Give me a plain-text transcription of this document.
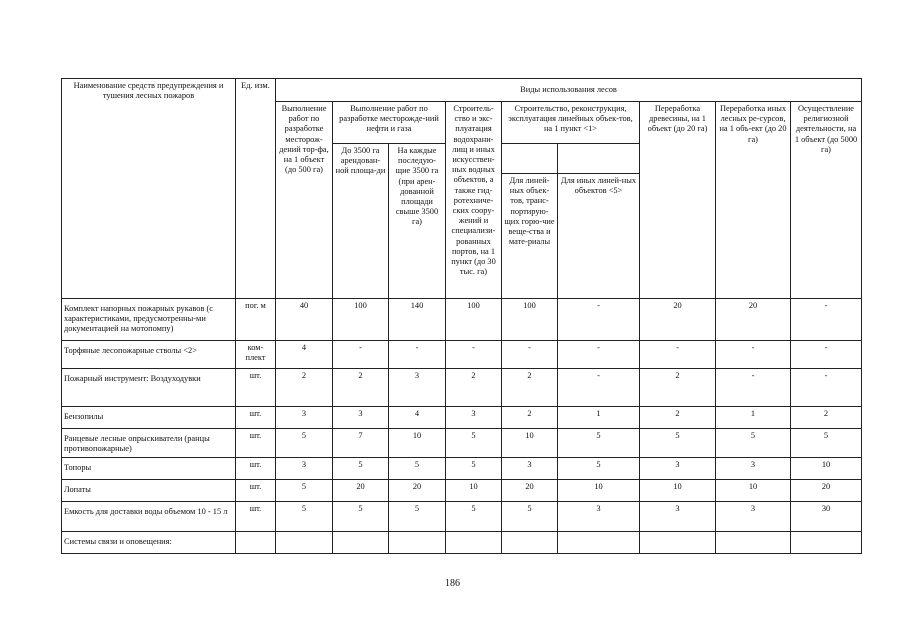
Наименование средств предупреждения и тушения лесных пожаров	Ед. изм.	Виды использования лесов								
		Выполнение работ по разработке месторож-дений тор-фа, на 1 объект (до 500 га)	Выполнение работ по разработке месторожде-ний нефти и газа		Строитель-ство и экс-плуатация водохрани-лищ и иных искусствен-ных водных объектов, а также гид-ротехниче-ских соору-жений и специализи-рованных портов, на 1 пункт (до 30 тыс. га)	Строительство, реконструкция, эксплуатация линейных объек-тов, на 1 пункт <1>		Переработка древесины, на 1 объект (до 20 га)	Переработка иных лесных ре-сурсов, на 1 объ-ект (до 20 га)	Осуществление религиозной деятельности, на 1 объект (до 5000 га)
			До 3500 га арендован-ной площа-ди	На каждые последую-щие 3500 га (при арен-дованной площади свыше 3500 га)						
						Для линей-ных объек-тов, транс-портирую-щих горю-чие веще-ства и мате-риалы	Для иных линей-ных объектов <5>			
Комплект напорных пожарных рукавов (с характеристиками, предусмотренны-ми документацией на мотопомпу)	пог. м	40	100	140	100	100	-	20	20	-
Торфяные лесопожарные стволы <2>	ком-плект	4	-	-	-	-	-	-	-	-
Пожарный инструмент: Воздуходувки	шт.	2	2	3	2	2	-	2	-	-
Бензопилы	шт.	3	3	4	3	2	1	2	1	2
Ранцевые лесные опрыскиватели (ранцы противопожарные)	шт.	5	7	10	5	10	5	5	5	5
Топоры	шт.	3	5	5	5	3	5	3	3	10
Лопаты	шт.	5	20	20	10	20	10	10	10	20
Емкость для доставки воды объемом 10 - 15 л	шт.	5	5	5	5	5	3	3	3	30
Системы связи и оповещения:										
186
